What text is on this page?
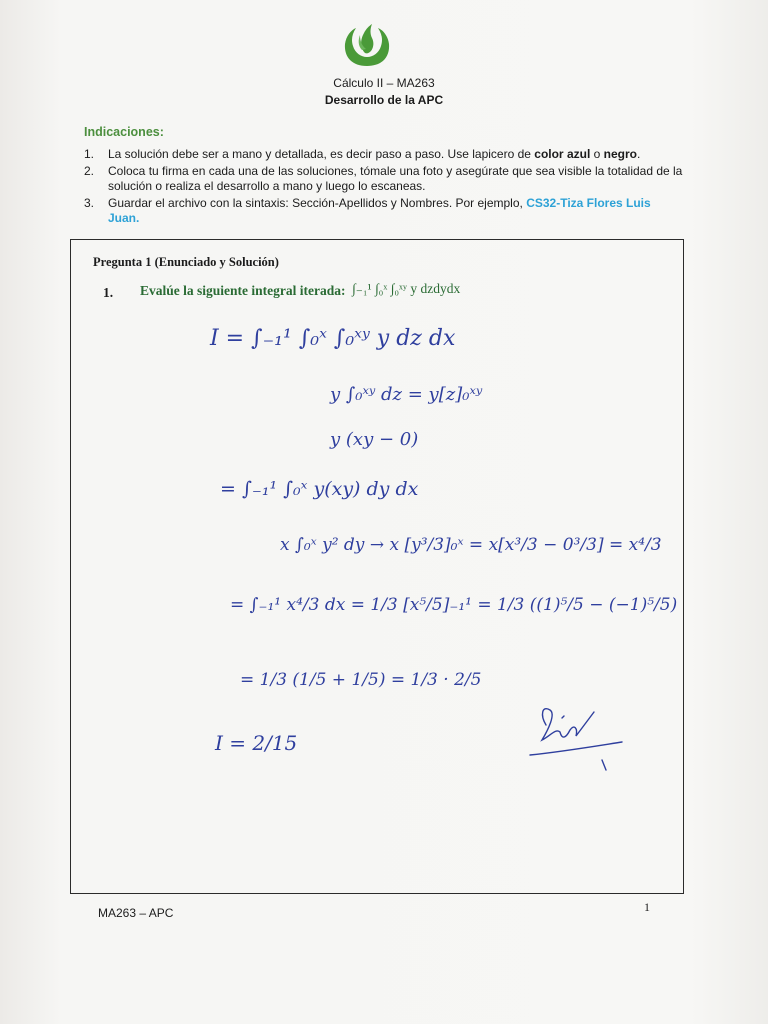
Cálculo II – MA263
Desarrollo de la APC
Indicaciones:
1. La solución debe ser a mano y detallada, es decir paso a paso. Use lapicero de color azul o negro.
2. Coloca tu firma en cada una de las soluciones, tómale una foto y asegúrate que sea visible la totalidad de la solución o realiza el desarrollo a mano y luego lo escaneas.
3. Guardar el archivo con la sintaxis: Sección-Apellidos y Nombres. Por ejemplo, CS32-Tiza Flores Luis Juan.
Pregunta 1 (Enunciado y Solución)
1. Evalúe la siguiente integral iterada: ∫₋₁¹ ∫₀ˣ ∫₀ˣʸ y dzdydx
I = ∫₋₁¹ ∫₀ˣ ∫₀ˣʸ y dz dx
y ∫₀ˣʸ dz = y[z]₀ˣʸ
y (xy − 0)
= ∫₋₁¹ ∫₀ˣ y(xy) dy dx
x ∫₀ˣ y² dy → x [y³/3]₀ˣ = x[x³/3 − 0³/3] = x⁴/3
= ∫₋₁¹ x⁴/3 dx = 1/3 [x⁵/5]₋₁¹ = 1/3 ((1)⁵/5 − (−1)⁵/5)
= 1/3 (1/5 + 1/5) = 1/3 · 2/5
I = 2/15
MA263 – APC	1
